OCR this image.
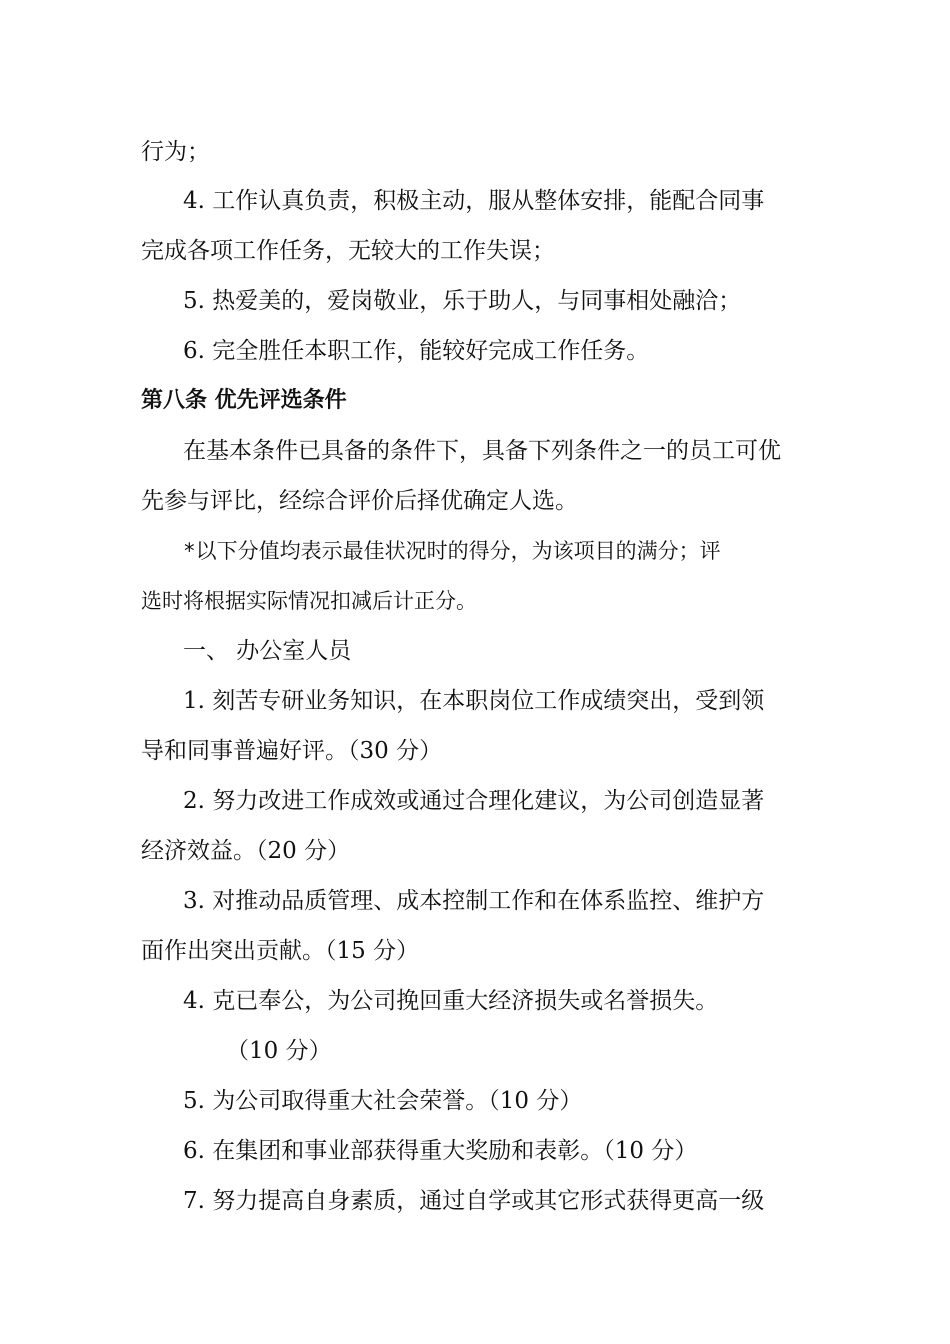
行为；
4. 工作认真负责，积极主动，服从整体安排，能配合同事
完成各项工作任务，无较大的工作失误；
5. 热爱美的，爱岗敬业，乐于助人，与同事相处融洽；
6. 完全胜任本职工作，能较好完成工作任务。
第八条 优先评选条件
在基本条件已具备的条件下，具备下列条件之一的员工可优
先参与评比，经综合评价后择优确定人选。
*以下分值均表示最佳状况时的得分，为该项目的满分；评
选时将根据实际情况扣减后计正分。
一、 办公室人员
1. 刻苦专研业务知识，在本职岗位工作成绩突出，受到领
导和同事普遍好评。（30 分）
2. 努力改进工作成效或通过合理化建议，为公司创造显著
经济效益。（20 分）
3. 对推动品质管理、成本控制工作和在体系监控、维护方
面作出突出贡献。（15 分）
4. 克已奉公，为公司挽回重大经济损失或名誉损失。
（10 分）
5. 为公司取得重大社会荣誉。（10 分）
6. 在集团和事业部获得重大奖励和表彰。（10 分）
7. 努力提高自身素质，通过自学或其它形式获得更高一级
